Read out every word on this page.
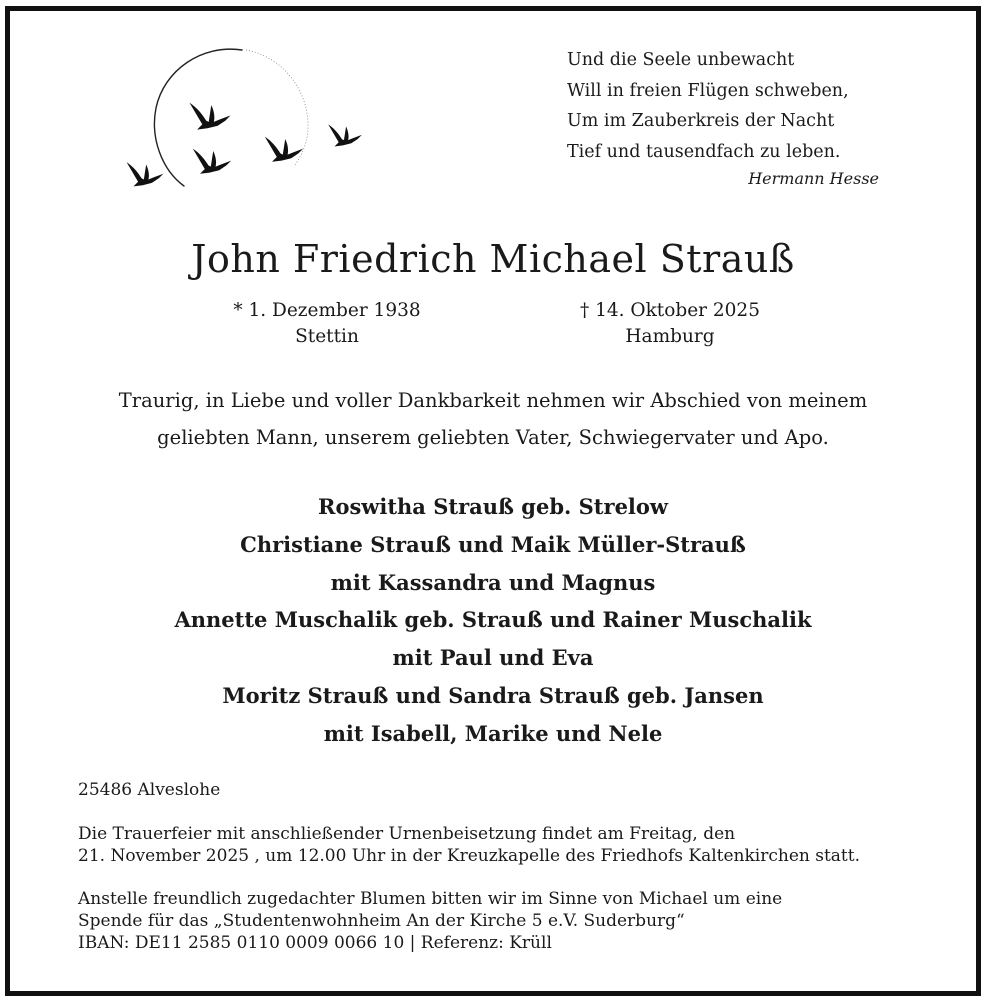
Und die Seele unbewacht
Will in freien Flügen schweben,
Um im Zauberkreis der Nacht
Tief und tausendfach zu leben.
Hermann Hesse
John Friedrich Michael Strauß
* 1. Dezember 1938
Stettin
† 14. Oktober 2025
Hamburg
Traurig, in Liebe und voller Dankbarkeit nehmen wir Abschied von meinem
geliebten Mann, unserem geliebten Vater, Schwiegervater und Apo.
Roswitha Strauß geb. Strelow
Christiane Strauß und Maik Müller-Strauß
mit Kassandra und Magnus
Annette Muschalik geb. Strauß und Rainer Muschalik
mit Paul und Eva
Moritz Strauß und Sandra Strauß geb. Jansen
mit Isabell, Marike und Nele
25486 Alveslohe
Die Trauerfeier mit anschließender Urnenbeisetzung findet am Freitag, den
21. November 2025 , um 12.00 Uhr in der Kreuzkapelle des Friedhofs Kaltenkirchen statt.
Anstelle freundlich zugedachter Blumen bitten wir im Sinne von Michael um eine
Spende für das „Studentenwohnheim An der Kirche 5 e.V. Suderburg“
IBAN: DE11 2585 0110 0009 0066 10 | Referenz: Krüll
